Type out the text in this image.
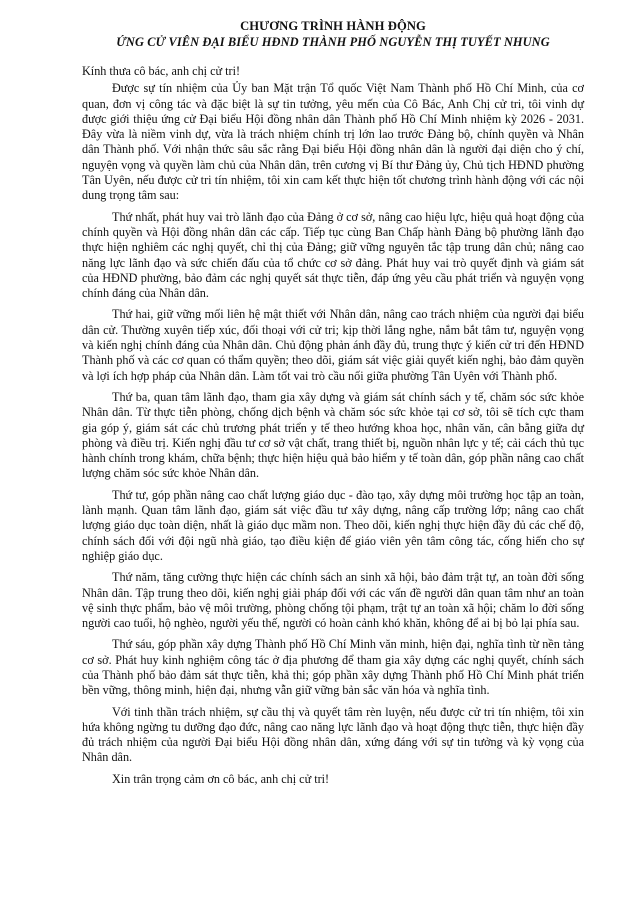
CHƯƠNG TRÌNH HÀNH ĐỘNG
ỨNG CỬ VIÊN ĐẠI BIỂU HĐND THÀNH PHỐ NGUYỄN THỊ TUYẾT NHUNG

Kính thưa cô bác, anh chị cử tri!

Được sự tín nhiệm của Ủy ban Mặt trận Tổ quốc Việt Nam Thành phố Hồ Chí Minh, của cơ quan, đơn vị công tác và đặc biệt là sự tin tưởng, yêu mến của Cô Bác, Anh Chị cử tri, tôi vinh dự được giới thiệu ứng cử Đại biểu Hội đồng nhân dân Thành phố Hồ Chí Minh nhiệm kỳ 2026 - 2031. Đây vừa là niềm vinh dự, vừa là trách nhiệm chính trị lớn lao trước Đảng bộ, chính quyền và Nhân dân Thành phố. Với nhận thức sâu sắc rằng Đại biểu Hội đồng nhân dân là người đại diện cho ý chí, nguyện vọng và quyền làm chủ của Nhân dân, trên cương vị Bí thư Đảng ủy, Chủ tịch HĐND phường Tân Uyên, nếu được cử tri tín nhiệm, tôi xin cam kết thực hiện tốt chương trình hành động với các nội dung trọng tâm sau:

Thứ nhất, phát huy vai trò lãnh đạo của Đảng ở cơ sở, nâng cao hiệu lực, hiệu quả hoạt động của chính quyền và Hội đồng nhân dân các cấp. Tiếp tục cùng Ban Chấp hành Đảng bộ phường lãnh đạo thực hiện nghiêm các nghị quyết, chỉ thị của Đảng; giữ vững nguyên tắc tập trung dân chủ; nâng cao năng lực lãnh đạo và sức chiến đấu của tổ chức cơ sở đảng. Phát huy vai trò quyết định và giám sát của HĐND phường, bảo đảm các nghị quyết sát thực tiễn, đáp ứng yêu cầu phát triển và nguyện vọng chính đáng của Nhân dân.

Thứ hai, giữ vững mối liên hệ mật thiết với Nhân dân, nâng cao trách nhiệm của người đại biểu dân cử. Thường xuyên tiếp xúc, đối thoại với cử tri; kịp thời lắng nghe, nắm bắt tâm tư, nguyện vọng và kiến nghị chính đáng của Nhân dân. Chủ động phản ánh đầy đủ, trung thực ý kiến cử tri đến HĐND Thành phố và các cơ quan có thẩm quyền; theo dõi, giám sát việc giải quyết kiến nghị, bảo đảm quyền và lợi ích hợp pháp của Nhân dân. Làm tốt vai trò cầu nối giữa phường Tân Uyên với Thành phố.

Thứ ba, quan tâm lãnh đạo, tham gia xây dựng và giám sát chính sách y tế, chăm sóc sức khỏe Nhân dân. Từ thực tiễn phòng, chống dịch bệnh và chăm sóc sức khỏe tại cơ sở, tôi sẽ tích cực tham gia góp ý, giám sát các chủ trương phát triển y tế theo hướng khoa học, nhân văn, cân bằng giữa dự phòng và điều trị. Kiến nghị đầu tư cơ sở vật chất, trang thiết bị, nguồn nhân lực y tế; cải cách thủ tục hành chính trong khám, chữa bệnh; thực hiện hiệu quả bảo hiểm y tế toàn dân, góp phần nâng cao chất lượng chăm sóc sức khỏe Nhân dân.

Thứ tư, góp phần nâng cao chất lượng giáo dục - đào tạo, xây dựng môi trường học tập an toàn, lành mạnh. Quan tâm lãnh đạo, giám sát việc đầu tư xây dựng, nâng cấp trường lớp; nâng cao chất lượng giáo dục toàn diện, nhất là giáo dục mầm non. Theo dõi, kiến nghị thực hiện đầy đủ các chế độ, chính sách đối với đội ngũ nhà giáo, tạo điều kiện để giáo viên yên tâm công tác, cống hiến cho sự nghiệp giáo dục.

Thứ năm, tăng cường thực hiện các chính sách an sinh xã hội, bảo đảm trật tự, an toàn đời sống Nhân dân. Tập trung theo dõi, kiến nghị giải pháp đối với các vấn đề người dân quan tâm như an toàn vệ sinh thực phẩm, bảo vệ môi trường, phòng chống tội phạm, trật tự an toàn xã hội; chăm lo đời sống người cao tuổi, hộ nghèo, người yếu thế, người có hoàn cảnh khó khăn, không để ai bị bỏ lại phía sau.

Thứ sáu, góp phần xây dựng Thành phố Hồ Chí Minh văn minh, hiện đại, nghĩa tình từ nền tảng cơ sở. Phát huy kinh nghiệm công tác ở địa phương để tham gia xây dựng các nghị quyết, chính sách của Thành phố bảo đảm sát thực tiễn, khả thi; góp phần xây dựng Thành phố Hồ Chí Minh phát triển bền vững, thông minh, hiện đại, nhưng vẫn giữ vững bản sắc văn hóa và nghĩa tình.

Với tinh thần trách nhiệm, sự cầu thị và quyết tâm rèn luyện, nếu được cử tri tín nhiệm, tôi xin hứa không ngừng tu dưỡng đạo đức, nâng cao năng lực lãnh đạo và hoạt động thực tiễn, thực hiện đầy đủ trách nhiệm của người Đại biểu Hội đồng nhân dân, xứng đáng với sự tin tưởng và kỳ vọng của Nhân dân.

Xin trân trọng cảm ơn cô bác, anh chị cử tri!
